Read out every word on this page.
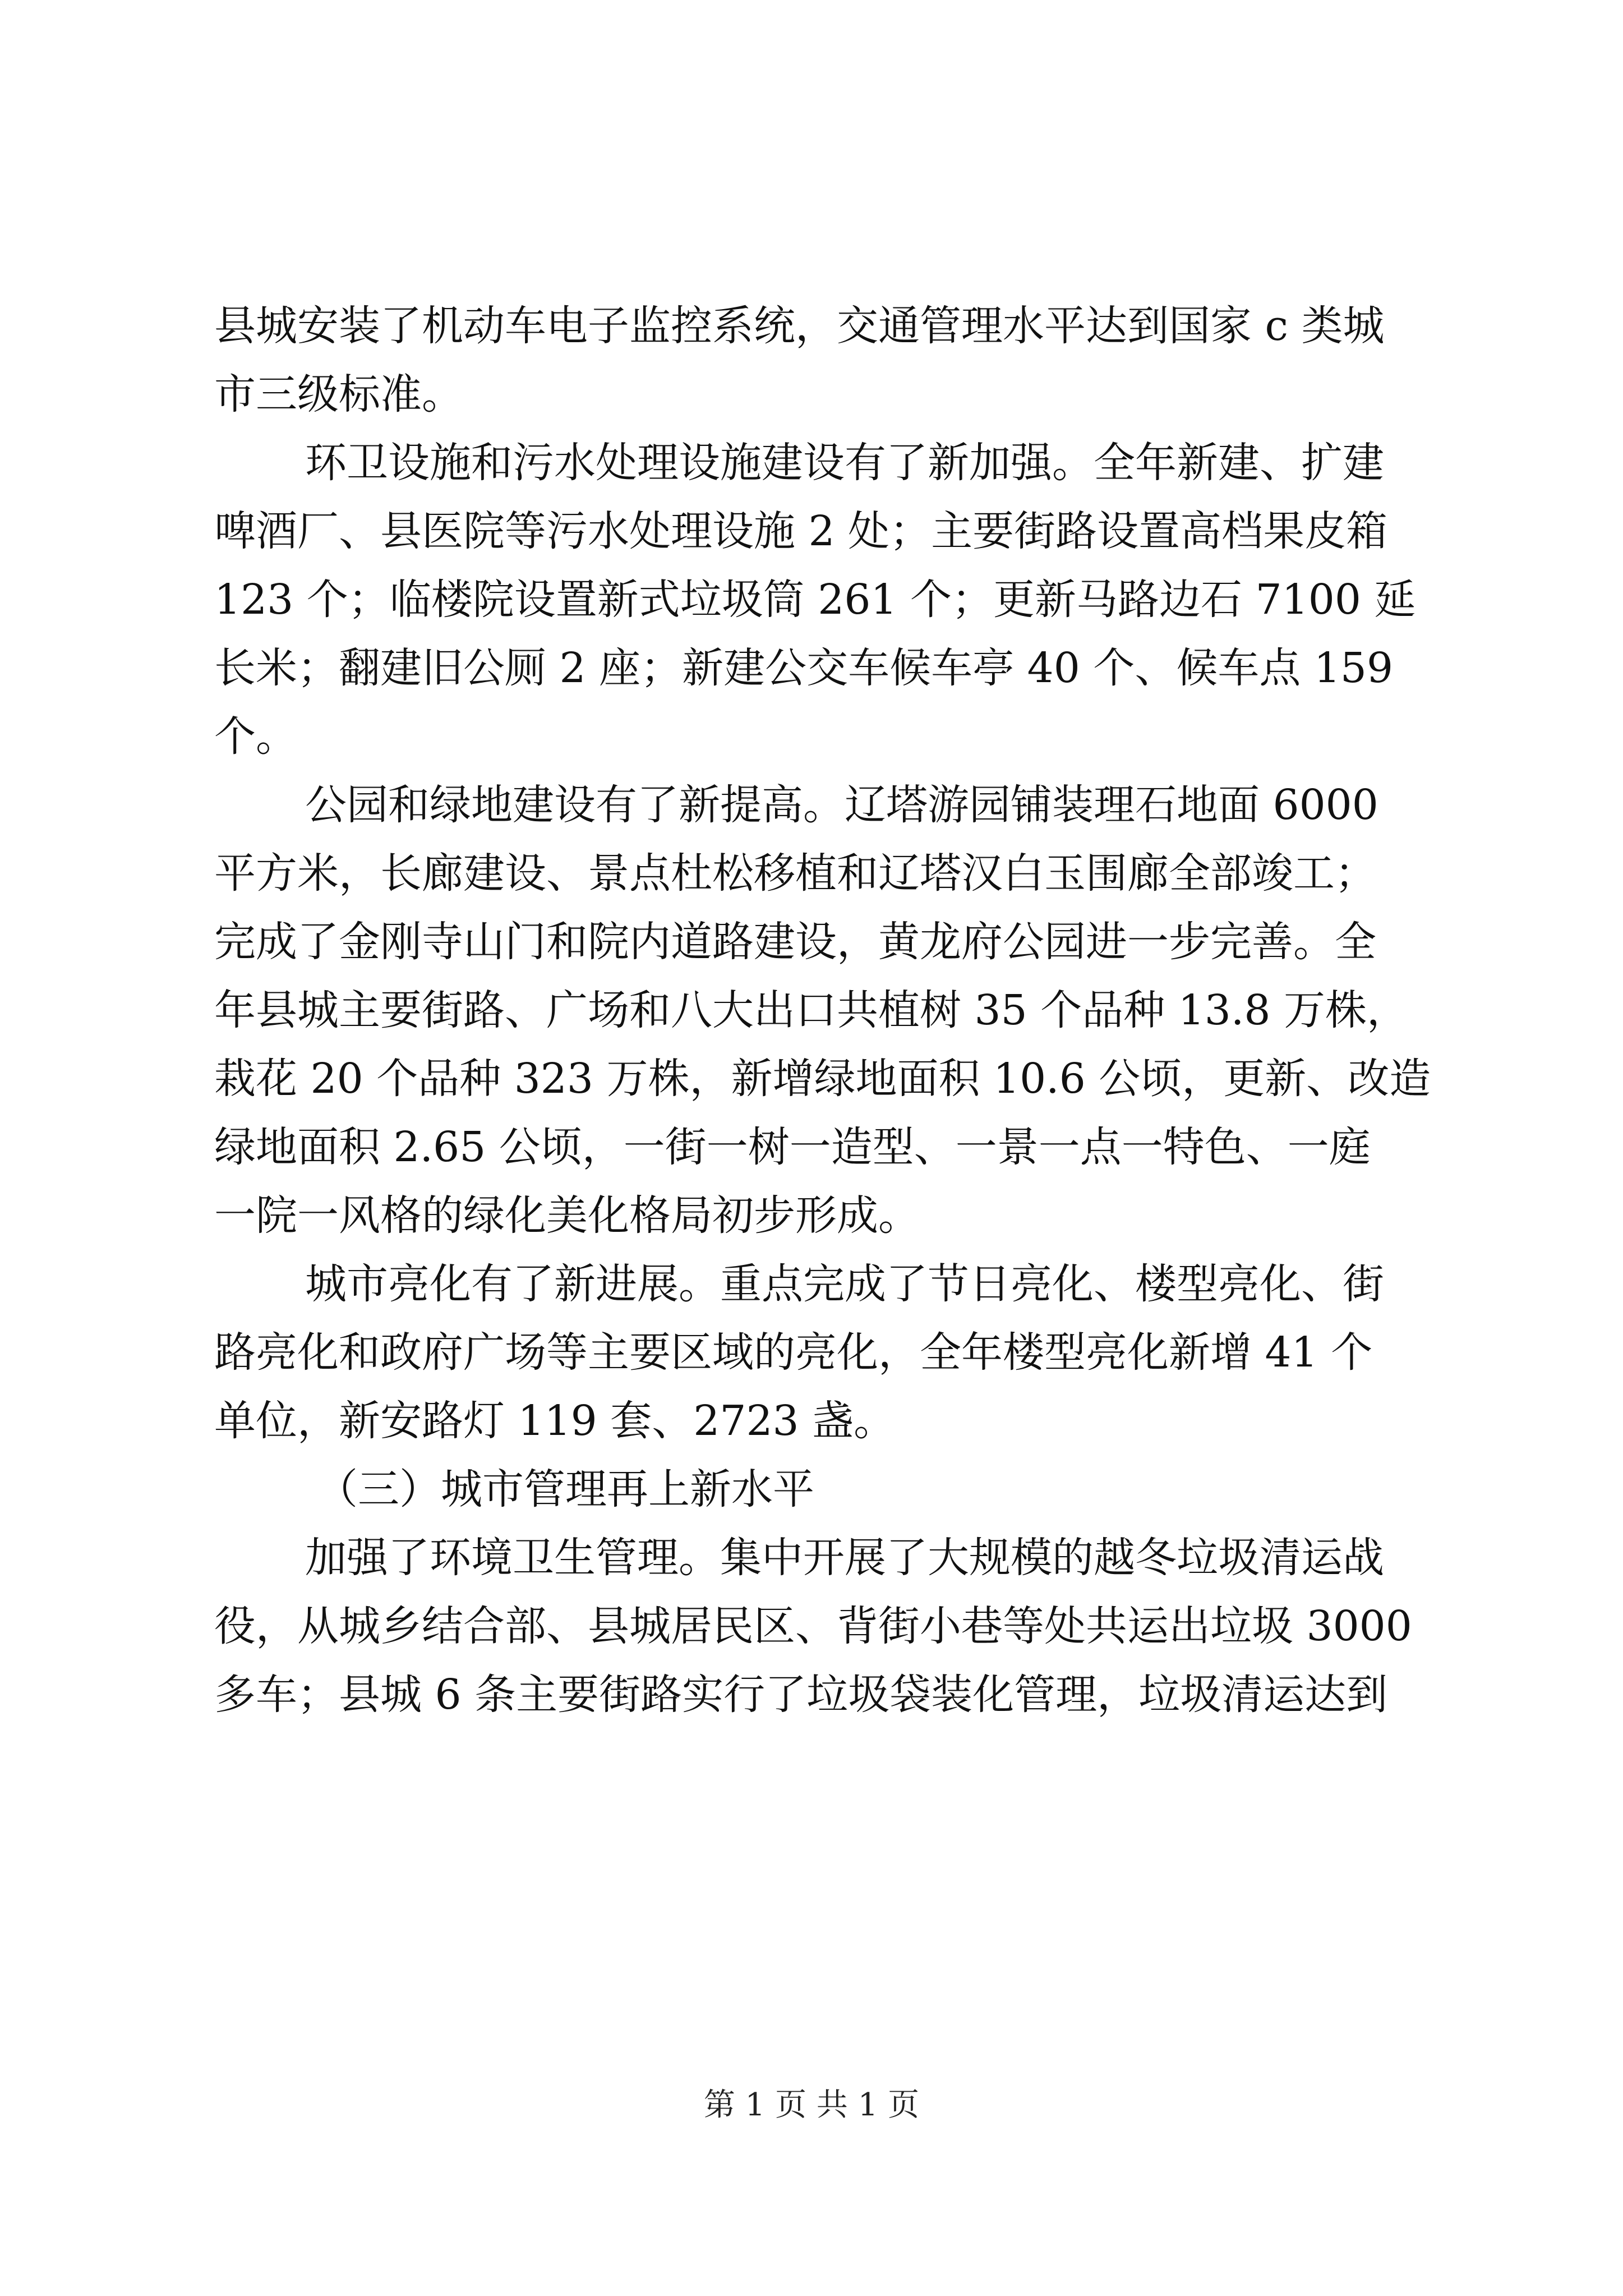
县城安装了机动车电子监控系统，交通管理水平达到国家 c 类城

市三级标准。

环卫设施和污水处理设施建设有了新加强。全年新建、扩建

啤酒厂、县医院等污水处理设施 2 处；主要街路设置高档果皮箱

123 个；临楼院设置新式垃圾筒 261 个；更新马路边石 7100 延

长米；翻建旧公厕 2 座；新建公交车候车亭 40 个、候车点 159

个。

公园和绿地建设有了新提高。辽塔游园铺装理石地面 6000

平方米，长廊建设、景点杜松移植和辽塔汉白玉围廊全部竣工；

完成了金刚寺山门和院内道路建设，黄龙府公园进一步完善。全

年县城主要街路、广场和八大出口共植树 35 个品种 13.8 万株，

栽花 20 个品种 323 万株，新增绿地面积 10.6 公顷，更新、改造

绿地面积 2.65 公顷，一街一树一造型、一景一点一特色、一庭

一院一风格的绿化美化格局初步形成。

城市亮化有了新进展。重点完成了节日亮化、楼型亮化、街

路亮化和政府广场等主要区域的亮化，全年楼型亮化新增 41 个

单位，新安路灯 119 套、2723 盏。

（三）城市管理再上新水平

加强了环境卫生管理。集中开展了大规模的越冬垃圾清运战

役，从城乡结合部、县城居民区、背街小巷等处共运出垃圾 3000

多车；县城 6 条主要街路实行了垃圾袋装化管理，垃圾清运达到

第 1 页 共 1 页
